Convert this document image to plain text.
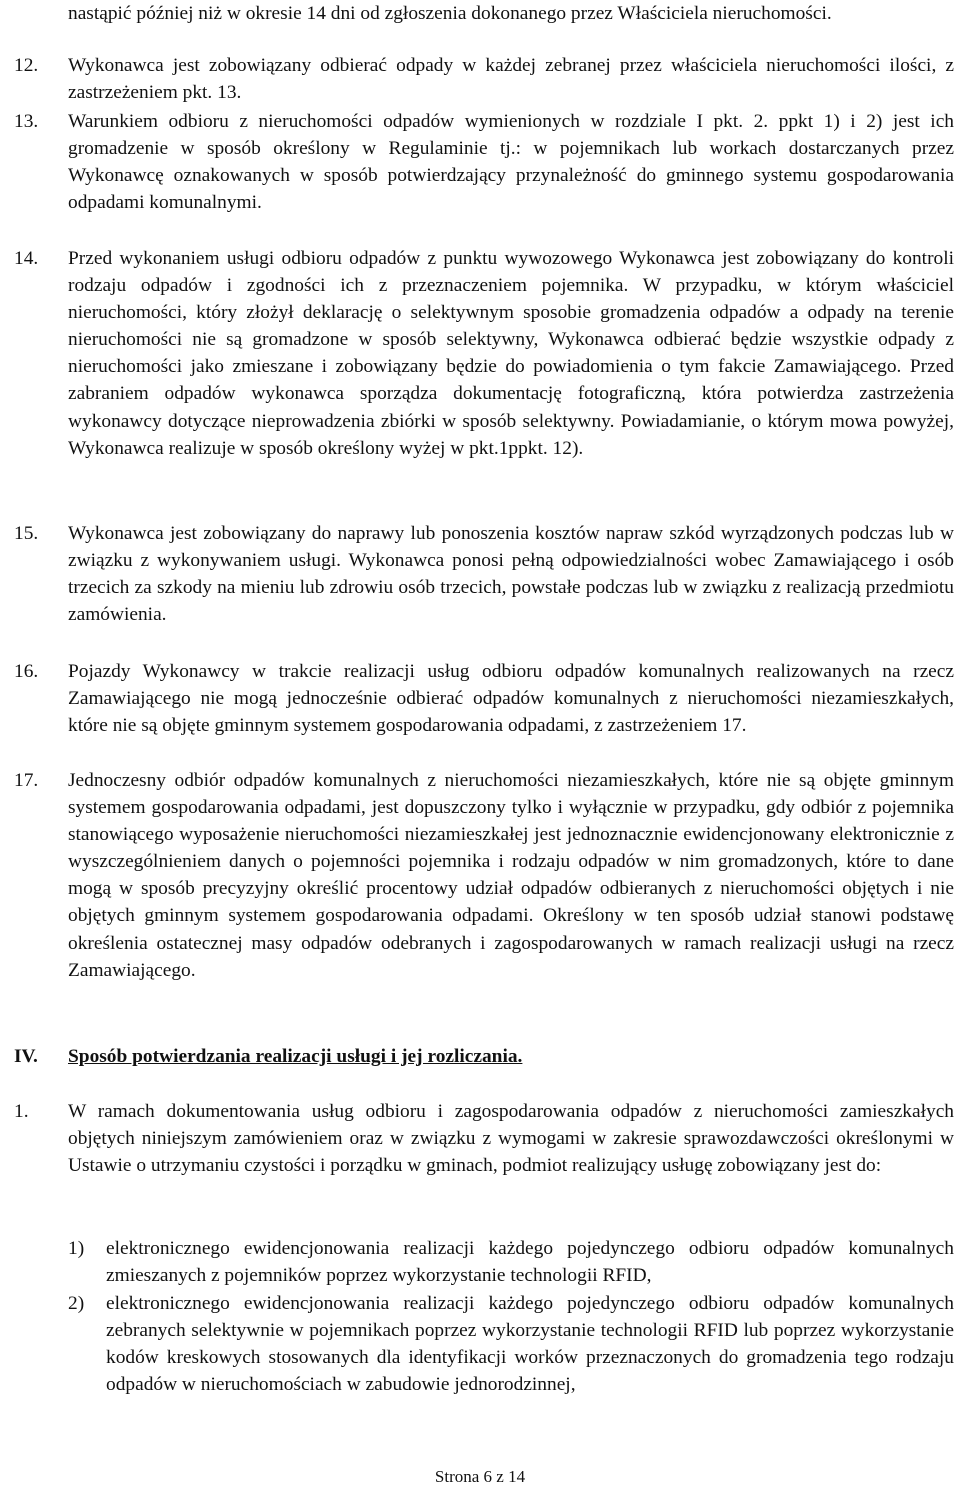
nastąpić później niż w okresie 14 dni od zgłoszenia dokonanego przez Właściciela nieruchomości.
12. Wykonawca jest zobowiązany odbierać odpady w każdej zebranej przez właściciela nieruchomości ilości, z zastrzeżeniem pkt. 13.
13. Warunkiem odbioru z nieruchomości odpadów wymienionych w rozdziale I pkt. 2. ppkt 1) i 2) jest ich gromadzenie w sposób określony w Regulaminie tj.: w pojemnikach lub workach dostarczanych przez Wykonawcę oznakowanych w sposób potwierdzający przynależność do gminnego systemu gospodarowania odpadami komunalnymi.
14. Przed wykonaniem usługi odbioru odpadów z punktu wywozowego Wykonawca jest zobowiązany do kontroli rodzaju odpadów i zgodności ich z przeznaczeniem pojemnika. W przypadku, w którym właściciel nieruchomości, który złożył deklarację o selektywnym sposobie gromadzenia odpadów a odpady na terenie nieruchomości nie są gromadzone w sposób selektywny, Wykonawca odbierać będzie wszystkie odpady z nieruchomości jako zmieszane i zobowiązany będzie do powiadomienia o tym fakcie Zamawiającego. Przed zabraniem odpadów wykonawca sporządza dokumentację fotograficzną, która potwierdza zastrzeżenia wykonawcy dotyczące nieprowadzenia zbiórki w sposób selektywny. Powiadamianie, o którym mowa powyżej, Wykonawca realizuje w sposób określony wyżej w pkt.1ppkt. 12).
15. Wykonawca jest zobowiązany do naprawy lub ponoszenia kosztów napraw szkód wyrządzonych podczas lub w związku z wykonywaniem usługi. Wykonawca ponosi pełną odpowiedzialności wobec Zamawiającego i osób trzecich za szkody na mieniu lub zdrowiu osób trzecich, powstałe podczas lub w związku z realizacją przedmiotu zamówienia.
16. Pojazdy Wykonawcy w trakcie realizacji usług odbioru odpadów komunalnych realizowanych na rzecz Zamawiającego nie mogą jednocześnie odbierać odpadów komunalnych z nieruchomości niezamieszkałych, które nie są objęte gminnym systemem gospodarowania odpadami, z zastrzeżeniem 17.
17. Jednoczesny odbiór odpadów komunalnych z nieruchomości niezamieszkałych, które nie są objęte gminnym systemem gospodarowania odpadami, jest dopuszczony tylko i wyłącznie w przypadku, gdy odbiór z pojemnika stanowiącego wyposażenie nieruchomości niezamieszkałej jest jednoznacznie ewidencjonowany elektronicznie z wyszczególnieniem danych o pojemności pojemnika i rodzaju odpadów w nim gromadzonych, które to dane mogą w sposób precyzyjny określić procentowy udział odpadów odbieranych z nieruchomości objętych i nie objętych gminnym systemem gospodarowania odpadami. Określony w ten sposób udział stanowi podstawę określenia ostatecznej masy odpadów odebranych i zagospodarowanych w ramach realizacji usługi na rzecz Zamawiającego.
IV. Sposób potwierdzania realizacji usługi i jej rozliczania.
1. W ramach dokumentowania usług odbioru i zagospodarowania odpadów z nieruchomości zamieszkałych objętych niniejszym zamówieniem oraz w związku z wymogami w zakresie sprawozdawczości określonymi w Ustawie o utrzymaniu czystości i porządku w gminach, podmiot realizujący usługę zobowiązany jest do:
1) elektronicznego ewidencjonowania realizacji każdego pojedynczego odbioru odpadów komunalnych zmieszanych z pojemników poprzez wykorzystanie technologii RFID,
2) elektronicznego ewidencjonowania realizacji każdego pojedynczego odbioru odpadów komunalnych zebranych selektywnie w pojemnikach poprzez wykorzystanie technologii RFID lub poprzez wykorzystanie kodów kreskowych stosowanych dla identyfikacji worków przeznaczonych do gromadzenia tego rodzaju odpadów w nieruchomościach w zabudowie jednorodzinnej,
Strona 6 z 14
